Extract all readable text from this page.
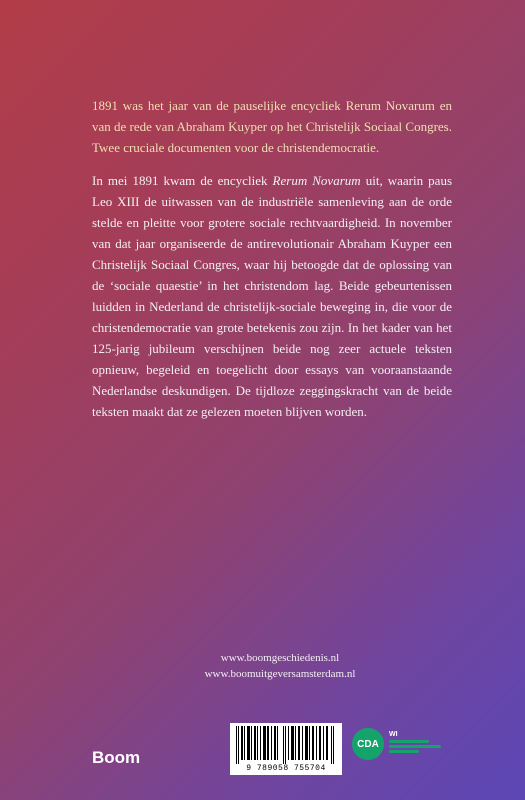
1891 was het jaar van de pauselijke encycliek Rerum Novarum en van de rede van Abraham Kuyper op het Christelijk Sociaal Congres. Twee cruciale documenten voor de christendemocratie.

In mei 1891 kwam de encycliek Rerum Novarum uit, waarin paus Leo XIII de uitwassen van de industriële samenleving aan de orde stelde en pleitte voor grotere sociale rechtvaardigheid. In november van dat jaar organiseerde de antirevolutionair Abraham Kuyper een Christelijk Sociaal Congres, waar hij betoogde dat de oplossing van de ‘sociale quaestie’ in het christendom lag. Beide gebeurtenissen luidden in Nederland de christelijk-sociale beweging in, die voor de christendemocratie van grote betekenis zou zijn. In het kader van het 125-jarig jubileum verschijnen beide nog zeer actuele teksten opnieuw, begeleid en toegelicht door essays van vooraanstaande Nederlandse deskundigen. De tijdloze zeggingskracht van de beide teksten maakt dat ze gelezen moeten blijven worden.

www.boomgeschiedenis.nl
www.boomuitgeversamsterdam.nl
Boom
9 789058 755704
CDA
WI
